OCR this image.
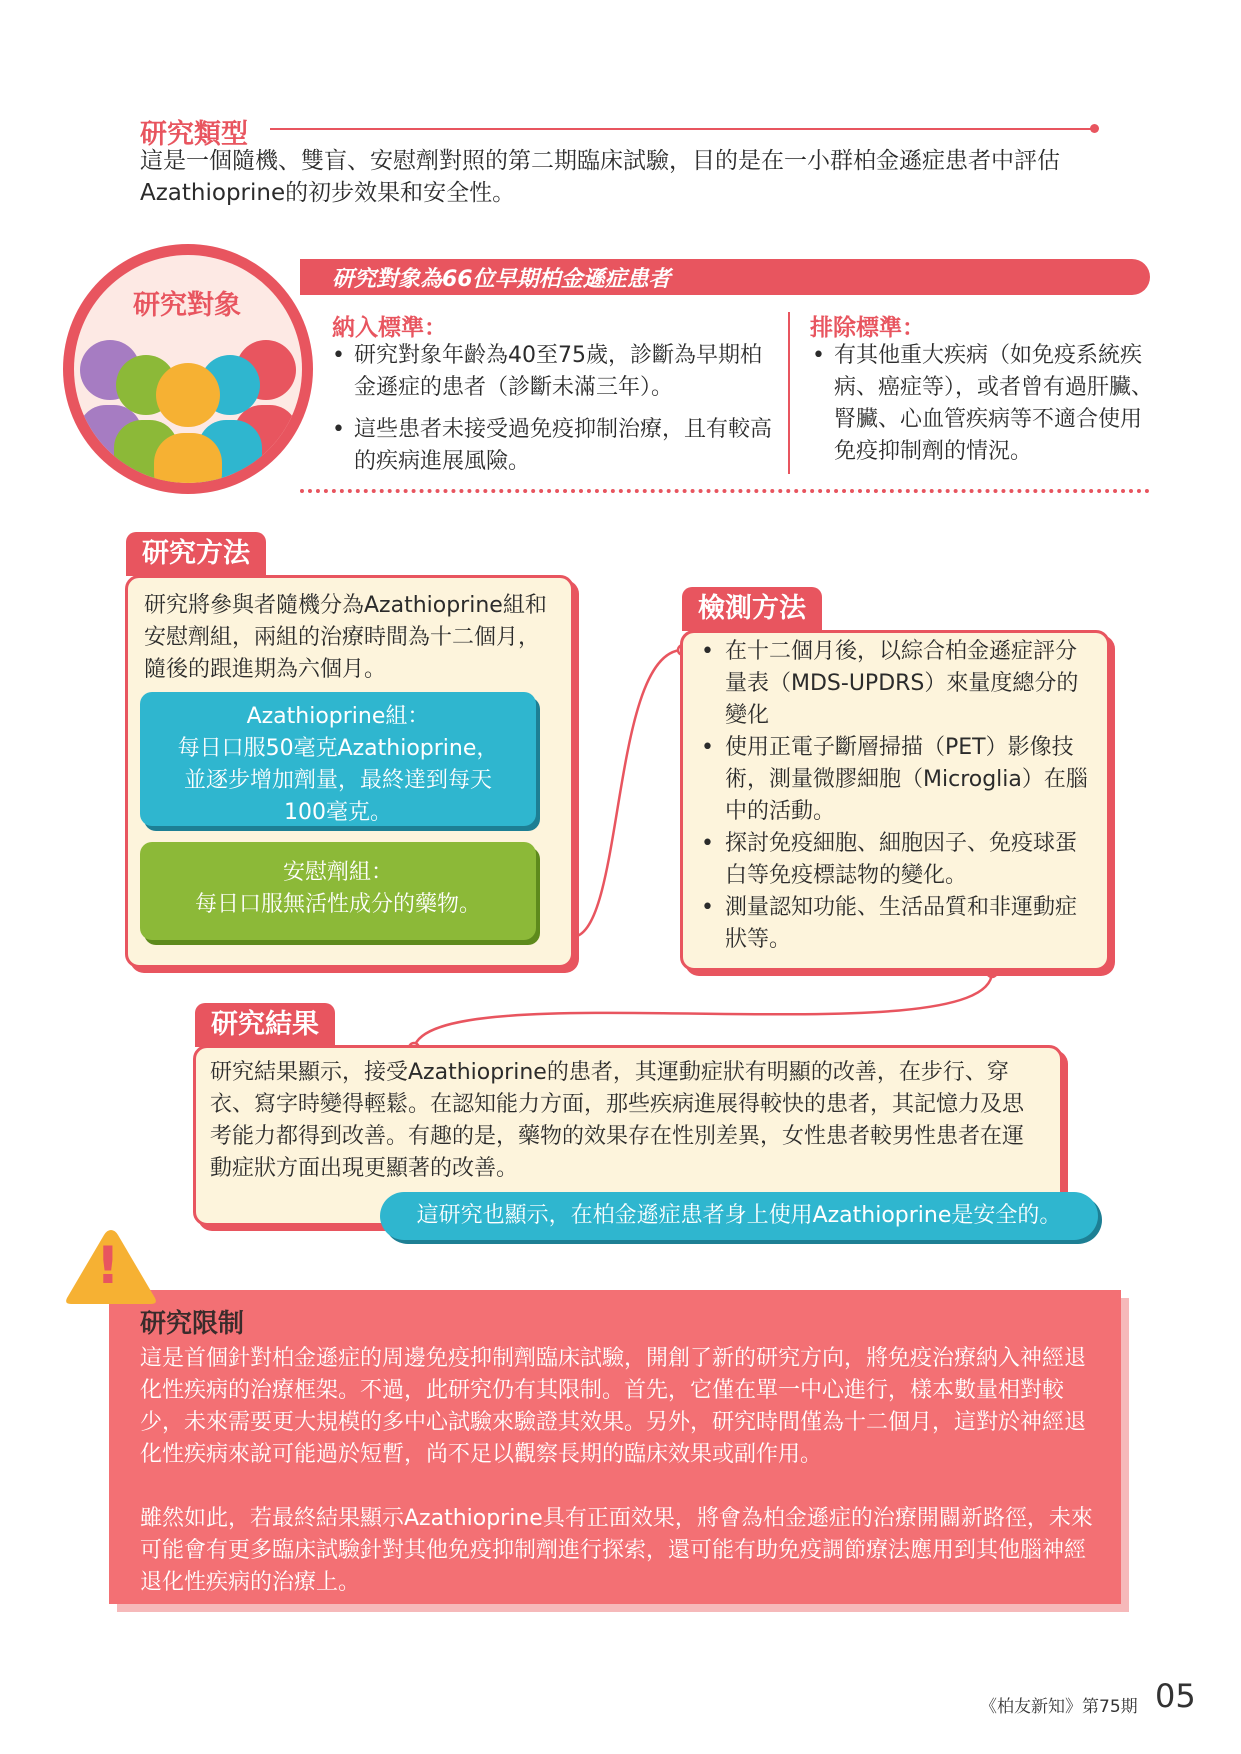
研究類型
這是一個隨機、雙盲、安慰劑對照的第二期臨床試驗，目的是在一小群柏金遜症患者中評估
Azathioprine的初步效果和安全性。
研究對象為66位早期柏金遜症患者
研究對象
納入標準：
• 研究對象年齡為40至75歲，診斷為早期柏金遜症的患者（診斷未滿三年）。
• 這些患者未接受過免疫抑制治療，且有較高的疾病進展風險。
排除標準：
• 有其他重大疾病（如免疫系統疾病、癌症等），或者曾有過肝臟、腎臟、心血管疾病等不適合使用免疫抑制劑的情況。
研究方法
研究將參與者隨機分為Azathioprine組和安慰劑組，兩組的治療時間為十二個月，隨後的跟進期為六個月。
Azathioprine組：
每日口服50毫克Azathioprine，並逐步增加劑量，最終達到每天100毫克。
安慰劑組：
每日口服無活性成分的藥物。
檢測方法
• 在十二個月後，以綜合柏金遜症評分量表（MDS-UPDRS）來量度總分的變化
• 使用正電子斷層掃描（PET）影像技術，測量微膠細胞（Microglia）在腦中的活動。
• 探討免疫細胞、細胞因子、免疫球蛋白等免疫標誌物的變化。
• 測量認知功能、生活品質和非運動症狀等。
研究結果
研究結果顯示，接受Azathioprine的患者，其運動症狀有明顯的改善，在步行、穿衣、寫字時變得輕鬆。在認知能力方面，那些疾病進展得較快的患者，其記憶力及思考能力都得到改善。有趣的是，藥物的效果存在性別差異，女性患者較男性患者在運動症狀方面出現更顯著的改善。
這研究也顯示，在柏金遜症患者身上使用Azathioprine是安全的。
!
研究限制

這是首個針對柏金遜症的周邊免疫抑制劑臨床試驗，開創了新的研究方向，將免疫治療納入神經退化性疾病的治療框架。不過，此研究仍有其限制。首先，它僅在單一中心進行，樣本數量相對較少，未來需要更大規模的多中心試驗來驗證其效果。另外，研究時間僅為十二個月，這對於神經退化性疾病來說可能過於短暫，尚不足以觀察長期的臨床效果或副作用。

雖然如此，若最終結果顯示Azathioprine具有正面效果，將會為柏金遜症的治療開闢新路徑，未來可能會有更多臨床試驗針對其他免疫抑制劑進行探索，還可能有助免疫調節療法應用到其他腦神經退化性疾病的治療上。

《柏友新知》第75期 05
